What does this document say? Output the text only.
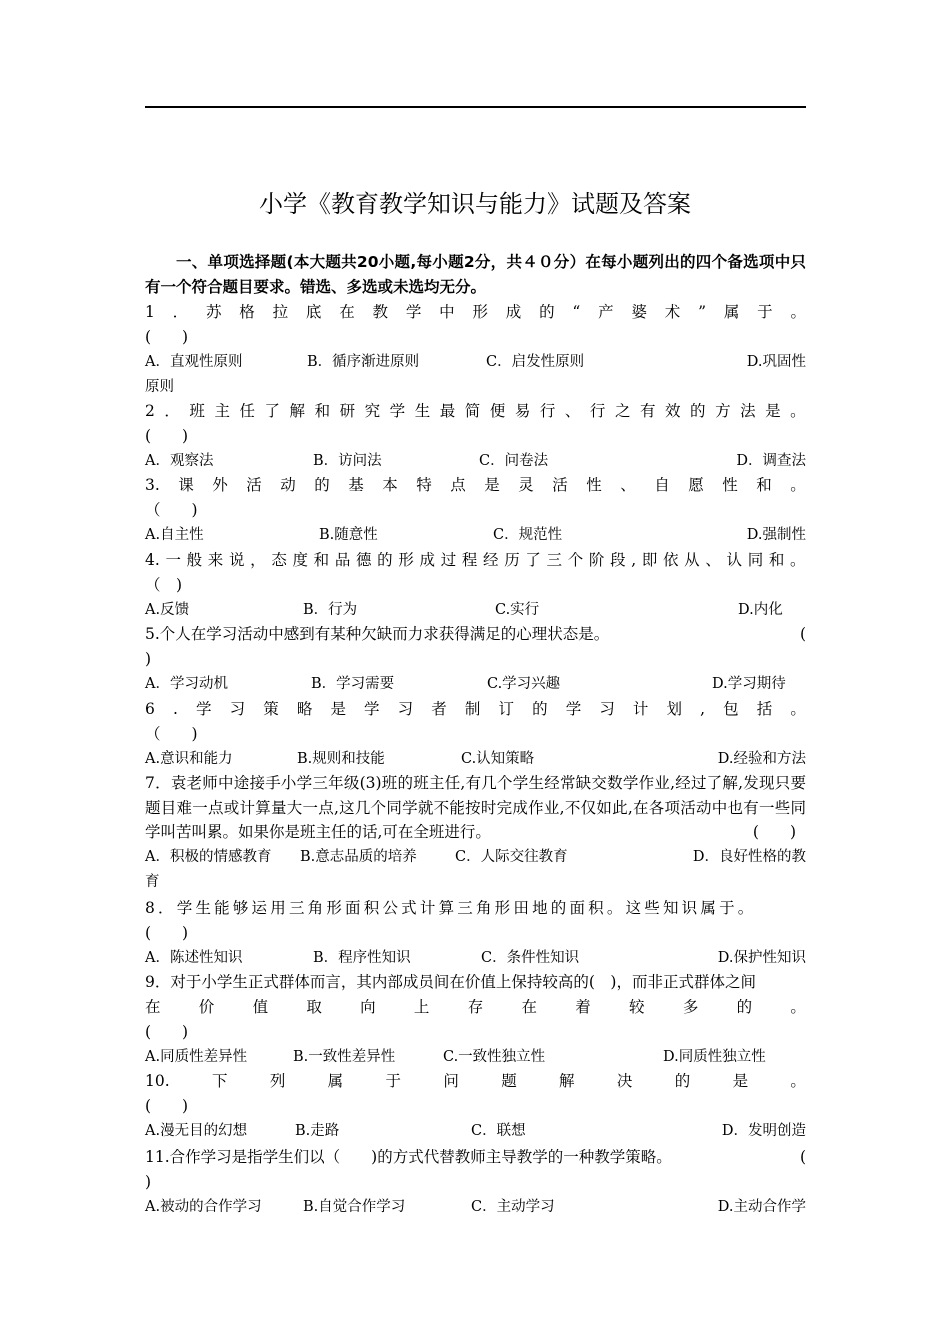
小学《教育教学知识与能力》试题及答案
一、单项选择题(本大题共20小题,每小题2分，共４０分）在每小题列出的四个备选项中只有一个符合题目要求。错选、多选或未选均无分。
1 ． 苏 格 拉 底 在 教 学 中 形 成 的 “ 产 婆 术 ” 属 于 。
(　　)
A．直观性原则	B．循序渐进原则	C．启发性原则	D.巩固性
原则
2 ． 班 主 任 了 解 和 研 究 学 生 最 简 便 易 行 、 行 之 有 效 的 方 法 是 。
(　　)
A．观察法	B．访问法	C．问卷法	D．调查法
3. 课 外 活 动 的 基 本 特 点 是 灵 活 性 、 自 愿 性 和 。
（　　)
A.自主性	B.随意性	C．规范性	D.强制性
4. 一 般 来 说 ， 态 度 和 品 德 的 形 成 过 程 经 历 了 三 个 阶 段 , 即 依 从 、 认 同 和 。
（　)
A.反馈	B．行为	C.实行	D.内化
5.个人在学习活动中感到有某种欠缺而力求获得满足的心理状态是。	(
)
A．学习动机	B．学习需要	C.学习兴趣	D.学习期待
6 . 学 习 策 略 是 学 习 者 制 订 的 学 习 计 划 , 包 括 。
（　　)
A.意识和能力	B.规则和技能	C.认知策略	D.经验和方法
7．袁老师中途接手小学三年级(3)班的班主任,有几个学生经常缺交数学作业,经过了解,发现只要题目难一点或计算量大一点,这几个同学就不能按时完成作业,不仅如此,在各项活动中也有一些同学叫苦叫累。如果你是班主任的话,可在全班进行。	(　　)
A．积极的情感教育 B.意志品质的培养	C．人际交往教育	D．良好性格的教
育
8．学生能够运用三角形面积公式计算三角形田地的面积。这些知识属于。
(　　)
A．陈述性知识	B．程序性知识	C．条件性知识	D.保护性知识
9．对于小学生正式群体而言，其内部成员间在价值上保持较高的(　)，而非正式群体之间
在 价 值 取 向 上 存 在 着 较 多 的 。
(　　)
A.同质性差异性	B.一致性差异性	C.一致性独立性	D.同质性独立性
10.	下	列	属	于	问	题	解	决	的	是	。
(　　)
A.漫无目的幻想	B.走路	C．联想	D．发明创造
11.合作学习是指学生们以（　　)的方式代替教师主导教学的一种教学策略。	(
)
A.被动的合作学习	B.自觉合作学习	C．主动学习	D.主动合作学
